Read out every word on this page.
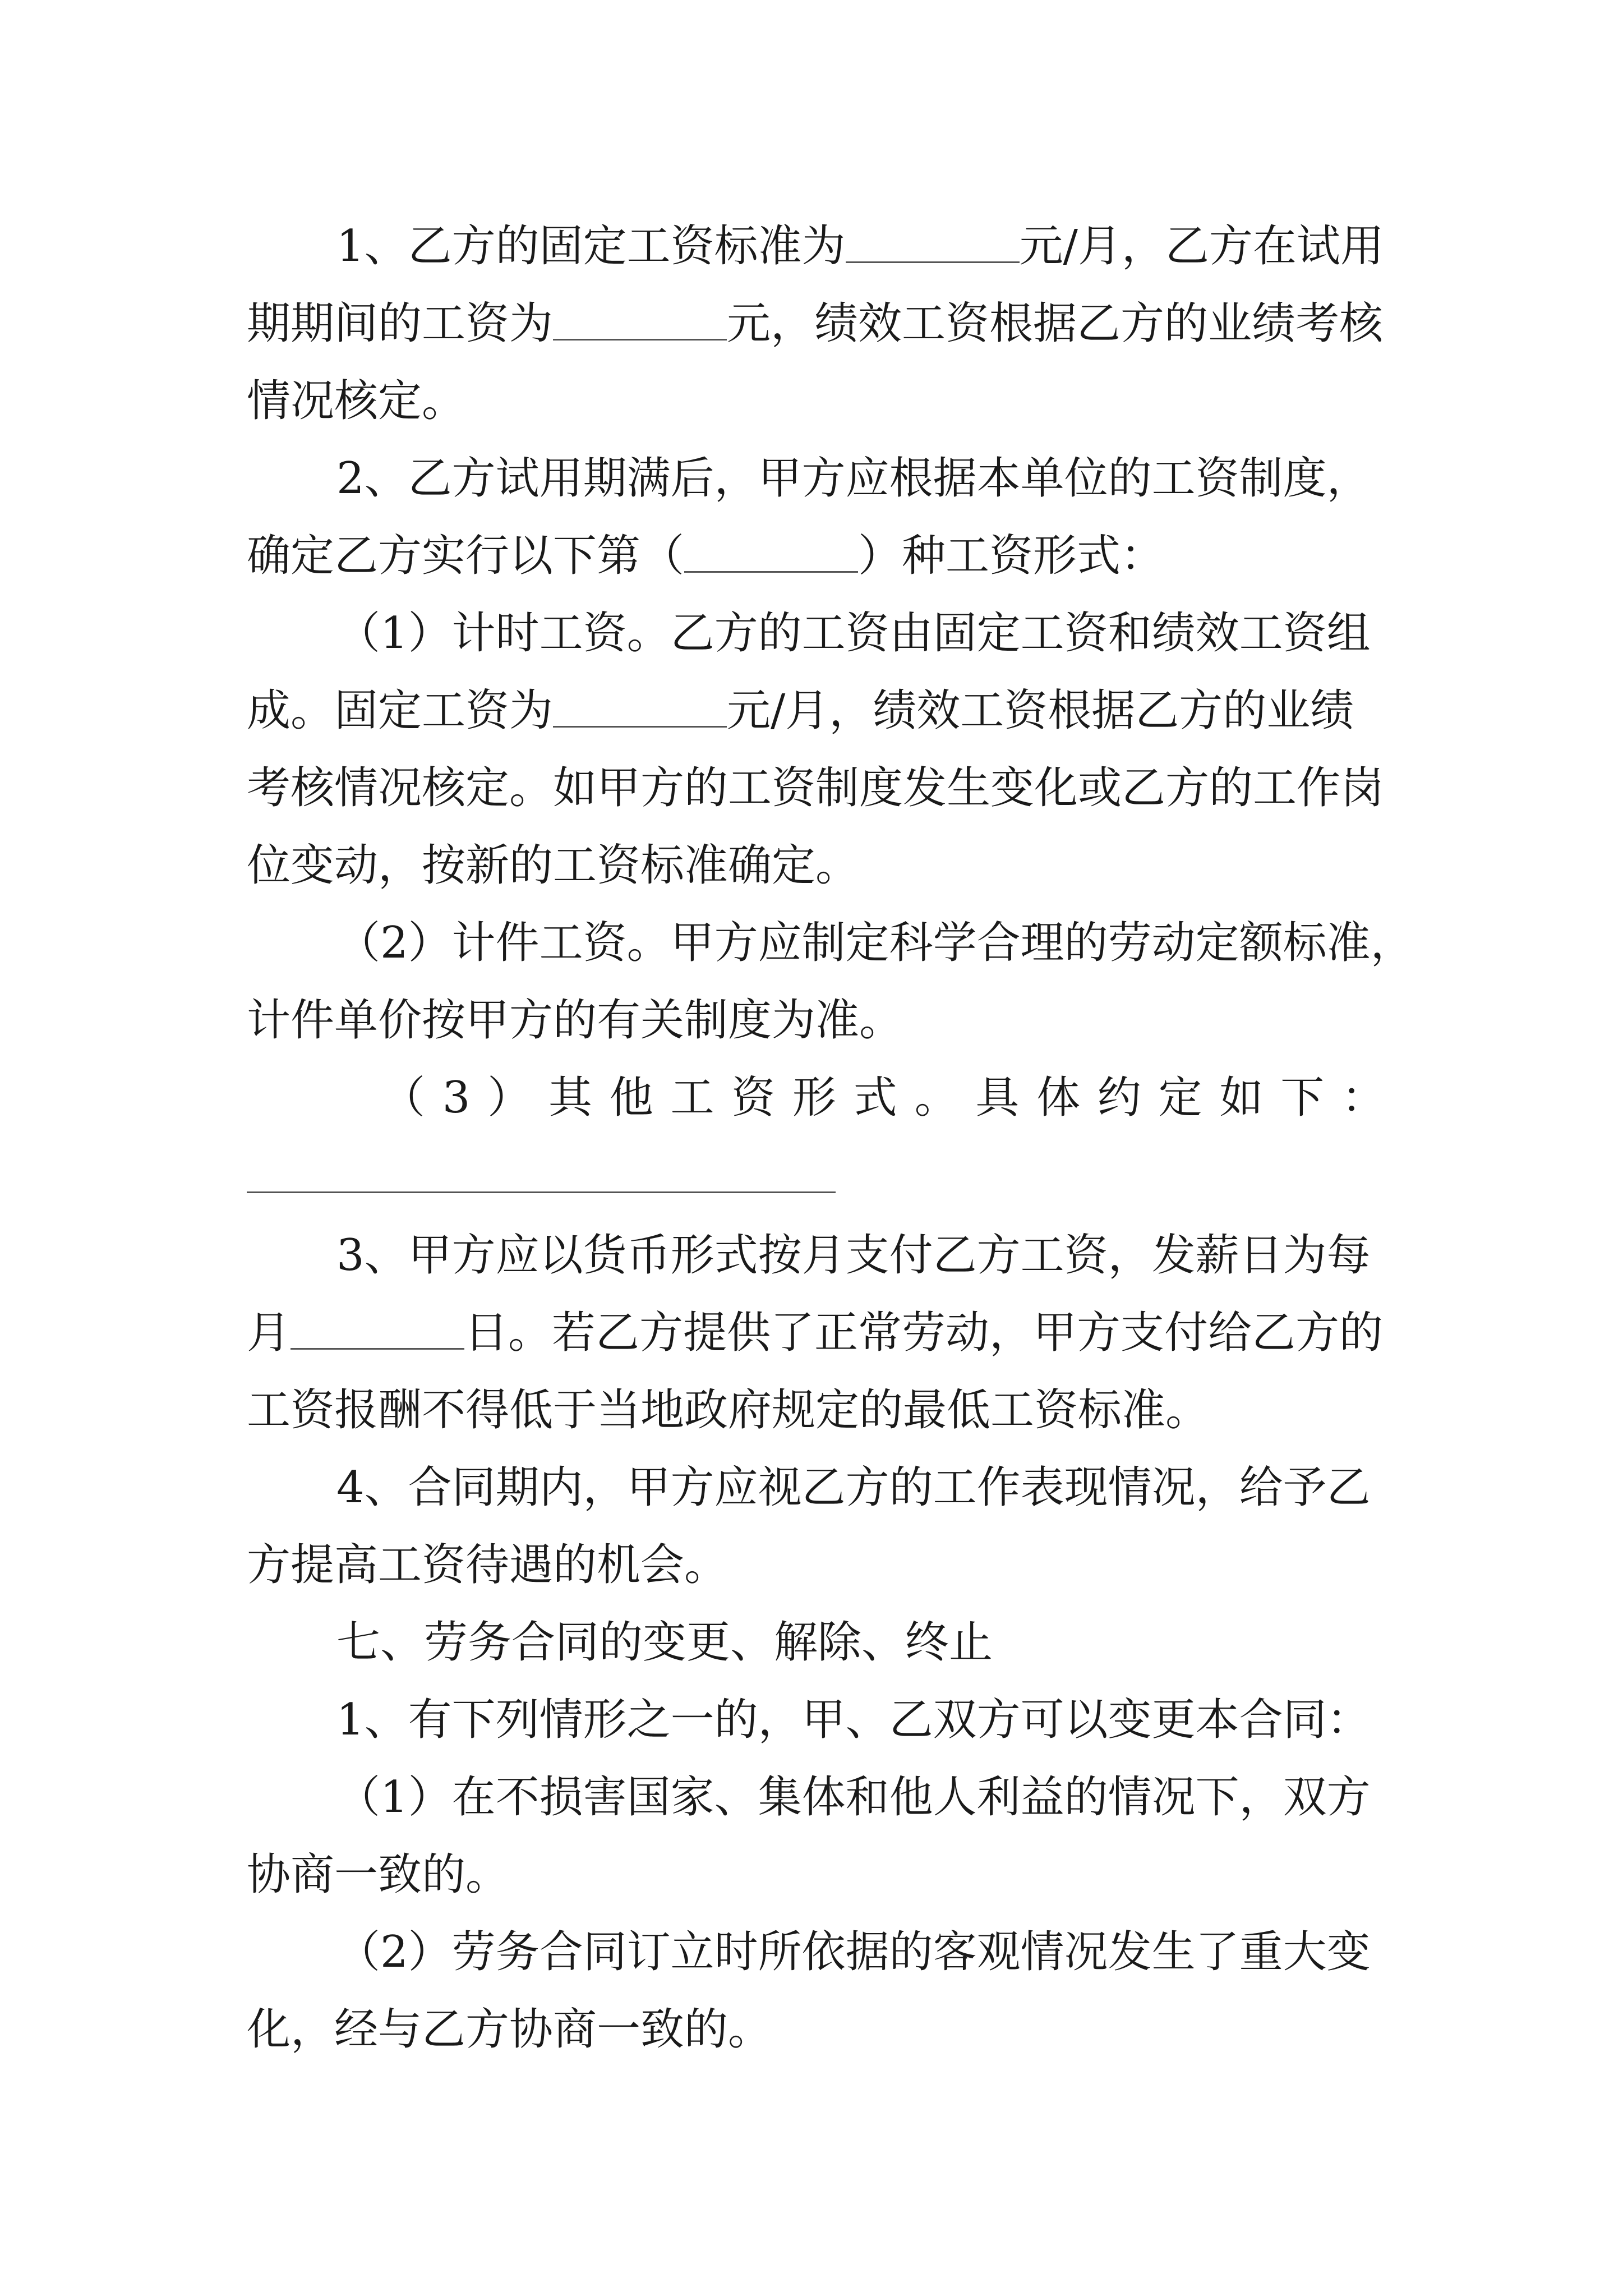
1、乙方的固定工资标准为	元/月，乙方在试用
期期间的工资为	元，绩效工资根据乙方的业绩考核
情况核定。
2、乙方试用期满后，甲方应根据本单位的工资制度，
确定乙方实行以下第（	）种工资形式：
（1）计时工资。乙方的工资由固定工资和绩效工资组
成。固定工资为	元/月，绩效工资根据乙方的业绩
考核情况核定。如甲方的工资制度发生变化或乙方的工作岗
位变动，按新的工资标准确定。
（2）计件工资。甲方应制定科学合理的劳动定额标准，
计件单价按甲方的有关制度为准。
（3）其他工资形式。具体约定如下：
3、甲方应以货币形式按月支付乙方工资，发薪日为每
月	日。若乙方提供了正常劳动，甲方支付给乙方的
工资报酬不得低于当地政府规定的最低工资标准。
4、合同期内，甲方应视乙方的工作表现情况，给予乙
方提高工资待遇的机会。
七、劳务合同的变更、解除、终止
1、有下列情形之一的，甲、乙双方可以变更本合同：
（1）在不损害国家、集体和他人利益的情况下，双方
协商一致的。
（2）劳务合同订立时所依据的客观情况发生了重大变
化，经与乙方协商一致的。
